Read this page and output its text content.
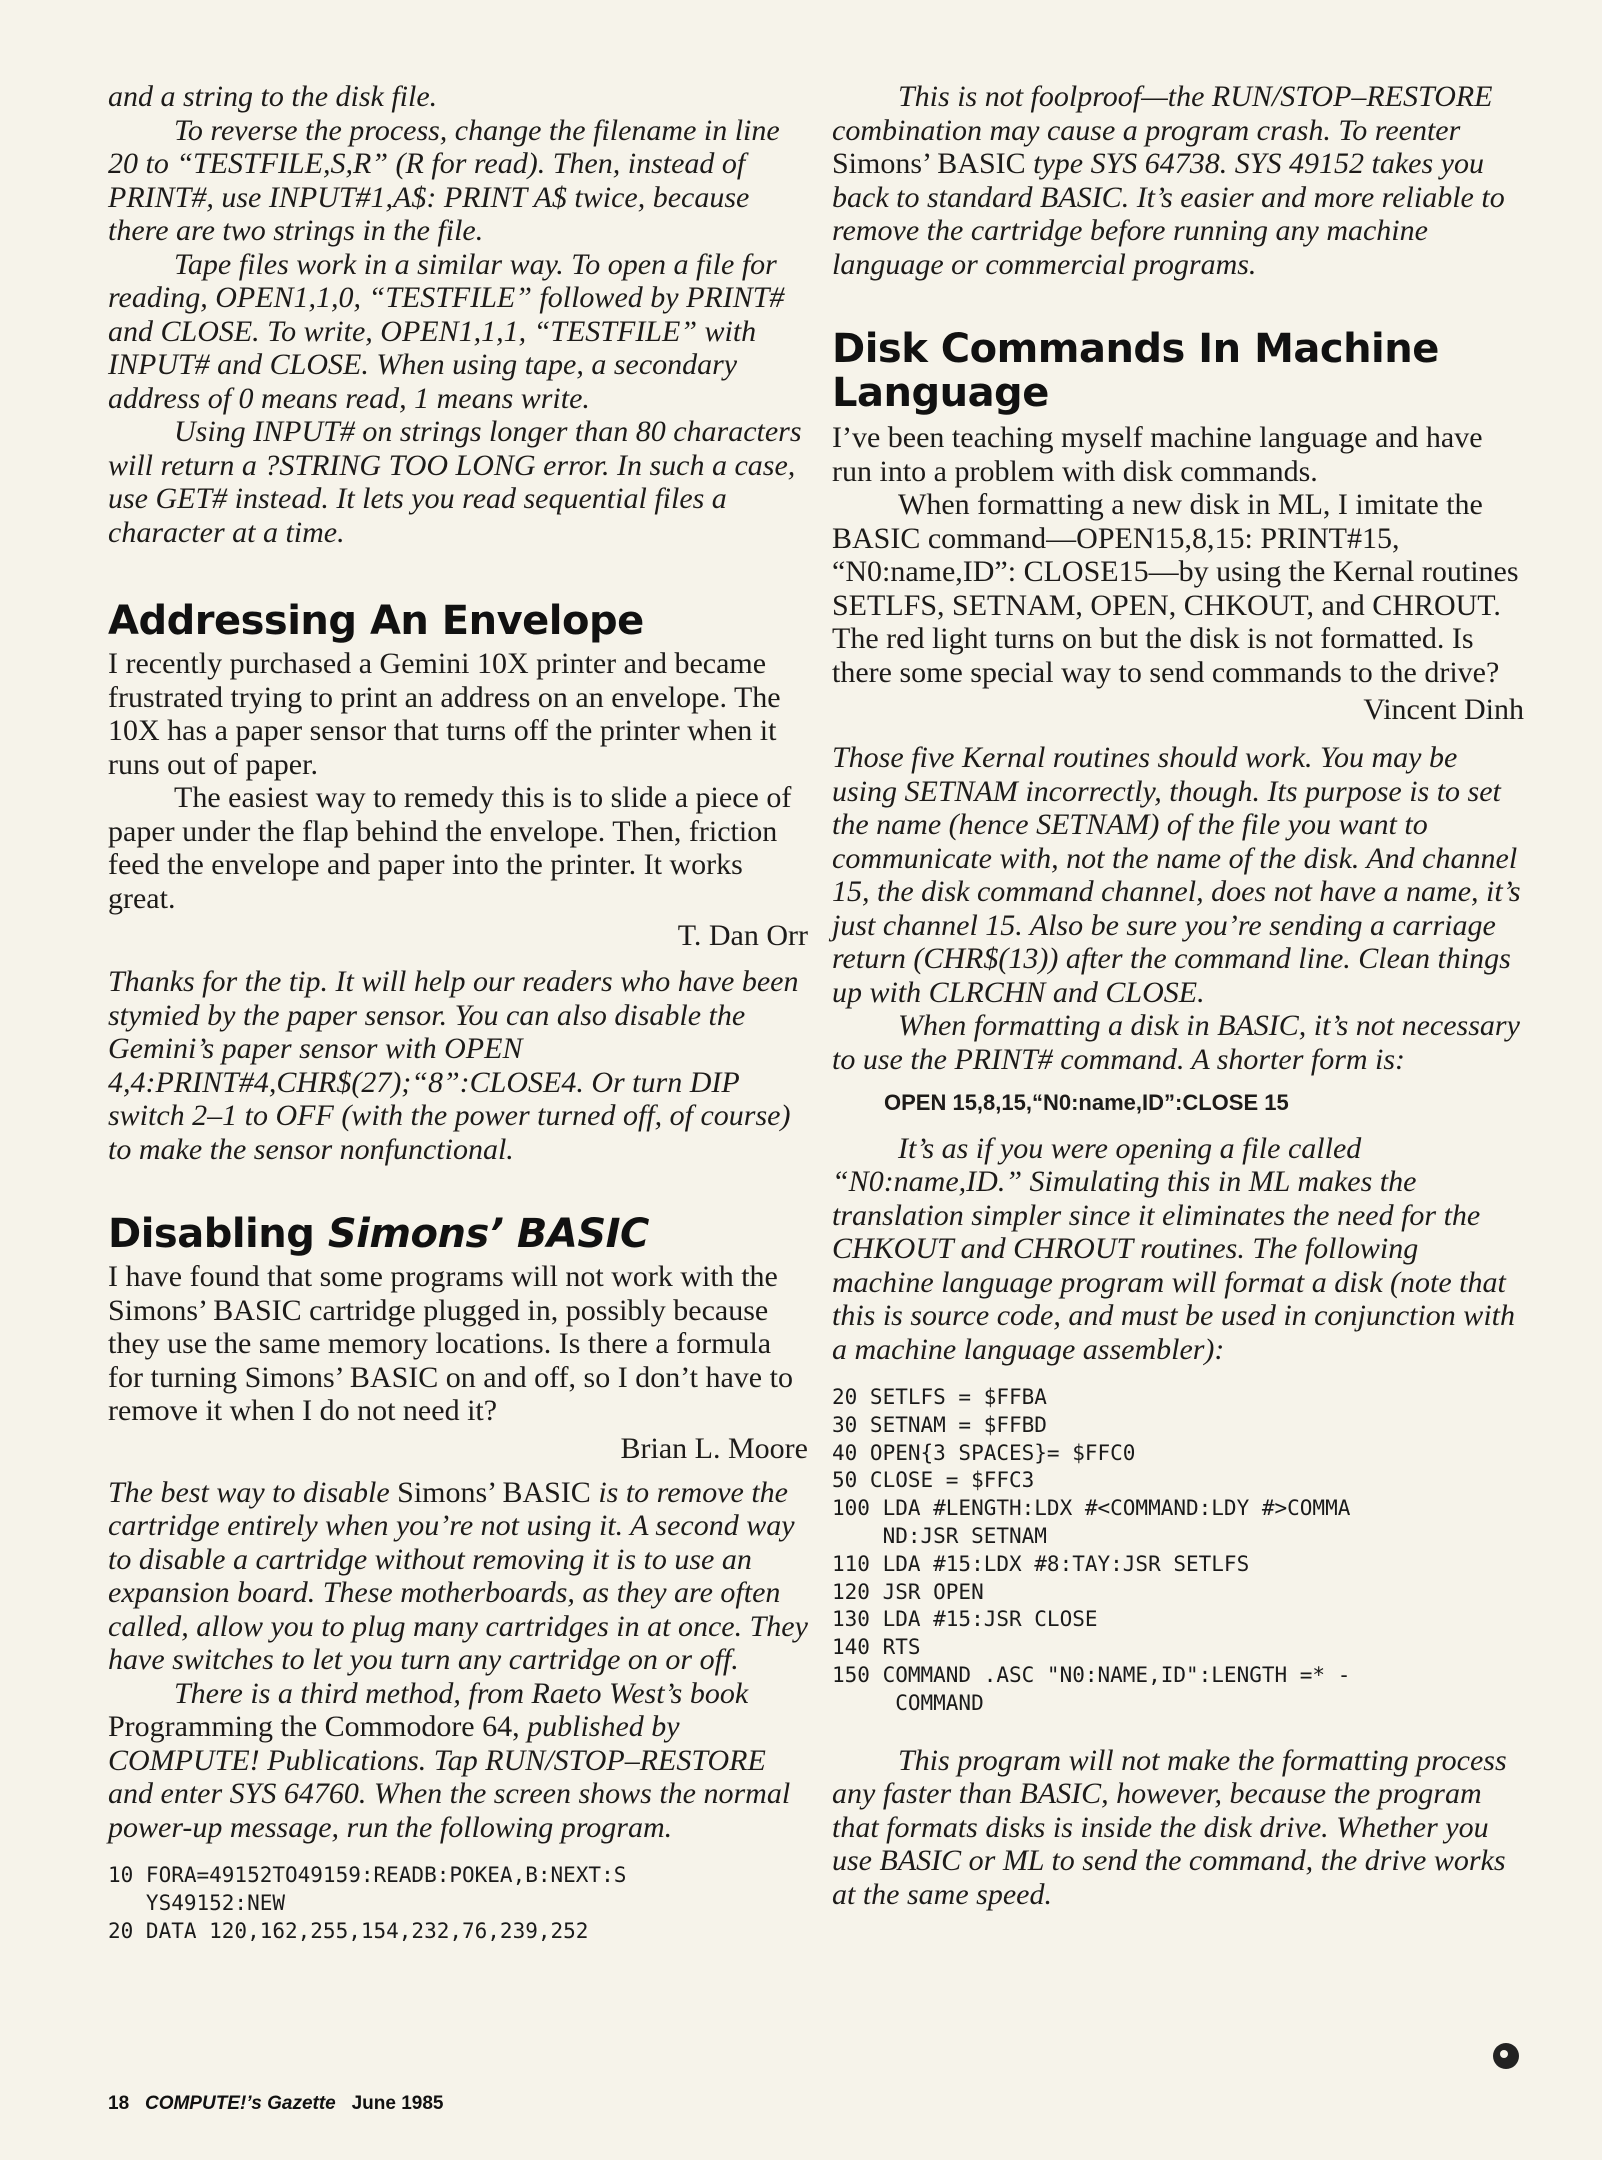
and a string to the disk file.

To reverse the process, change the filename in line 20 to “TESTFILE,S,R” (R for read). Then, instead of PRINT#, use INPUT#1,A$: PRINT A$ twice, because there are two strings in the file.

Tape files work in a similar way. To open a file for reading, OPEN1,1,0, “TESTFILE” followed by PRINT# and CLOSE. To write, OPEN1,1,1, “TESTFILE” with INPUT# and CLOSE. When using tape, a secondary address of 0 means read, 1 means write.

Using INPUT# on strings longer than 80 characters will return a ?STRING TOO LONG error. In such a case, use GET# instead. It lets you read sequential files a character at a time.

Addressing An Envelope

I recently purchased a Gemini 10X printer and became frustrated trying to print an address on an envelope. The 10X has a paper sensor that turns off the printer when it runs out of paper.

The easiest way to remedy this is to slide a piece of paper under the flap behind the envelope. Then, friction feed the envelope and paper into the printer. It works great.

T. Dan Orr

Thanks for the tip. It will help our readers who have been stymied by the paper sensor. You can also disable the Gemini’s paper sensor with OPEN 4,4:PRINT#4,CHR$(27);“8”:CLOSE4. Or turn DIP switch 2–1 to OFF (with the power turned off, of course) to make the sensor nonfunctional.

Disabling Simons’ BASIC

I have found that some programs will not work with the Simons’ BASIC cartridge plugged in, possibly because they use the same memory locations. Is there a formula for turning Simons’ BASIC on and off, so I don’t have to remove it when I do not need it?

Brian L. Moore

The best way to disable Simons’ BASIC is to remove the cartridge entirely when you’re not using it. A second way to disable a cartridge without removing it is to use an expansion board. These motherboards, as they are often called, allow you to plug many cartridges in at once. They have switches to let you turn any cartridge on or off.

There is a third method, from Raeto West’s book Programming the Commodore 64, published by COMPUTE! Publications. Tap RUN/STOP–RESTORE and enter SYS 64760. When the screen shows the normal power-up message, run the following program.

10 FORA=49152TO49159:READB:POKEA,B:NEXT:S
YS49152:NEW
20 DATA 120,162,255,154,232,76,239,252

This is not foolproof—the RUN/STOP–RESTORE combination may cause a program crash. To reenter Simons’ BASIC type SYS 64738. SYS 49152 takes you back to standard BASIC. It’s easier and more reliable to remove the cartridge before running any machine language or commercial programs.

Disk Commands In Machine Language

I’ve been teaching myself machine language and have run into a problem with disk commands.

When formatting a new disk in ML, I imitate the BASIC command—OPEN15,8,15: PRINT#15, “N0:name,ID”: CLOSE15—by using the Kernal routines SETLFS, SETNAM, OPEN, CHKOUT, and CHROUT. The red light turns on but the disk is not formatted. Is there some special way to send commands to the drive?

Vincent Dinh

Those five Kernal routines should work. You may be using SETNAM incorrectly, though. Its purpose is to set the name (hence SETNAM) of the file you want to communicate with, not the name of the disk. And channel 15, the disk command channel, does not have a name, it’s just channel 15. Also be sure you’re sending a carriage return (CHR$(13)) after the command line. Clean things up with CLRCHN and CLOSE.

When formatting a disk in BASIC, it’s not necessary to use the PRINT# command. A shorter form is:

OPEN 15,8,15,“N0:name,ID”:CLOSE 15

It’s as if you were opening a file called “N0:name,ID.” Simulating this in ML makes the translation simpler since it eliminates the need for the CHKOUT and CHROUT routines. The following machine language program will format a disk (note that this is source code, and must be used in conjunction with a machine language assembler):

20 SETLFS = $FFBA
30 SETNAM = $FFBD
40 OPEN{3 SPACES}= $FFC0
50 CLOSE = $FFC3
100 LDA #LENGTH:LDX #<COMMAND:LDY #>COMMA
ND:JSR SETNAM
110 LDA #15:LDX #8:TAY:JSR SETLFS
120 JSR OPEN
130 LDA #15:JSR CLOSE
140 RTS
150 COMMAND .ASC "N0:NAME,ID":LENGTH =* -
COMMAND

This program will not make the formatting process any faster than BASIC, however, because the program that formats disks is inside the disk drive. Whether you use BASIC or ML to send the command, the drive works at the same speed.

18 COMPUTE!’s Gazette June 1985
